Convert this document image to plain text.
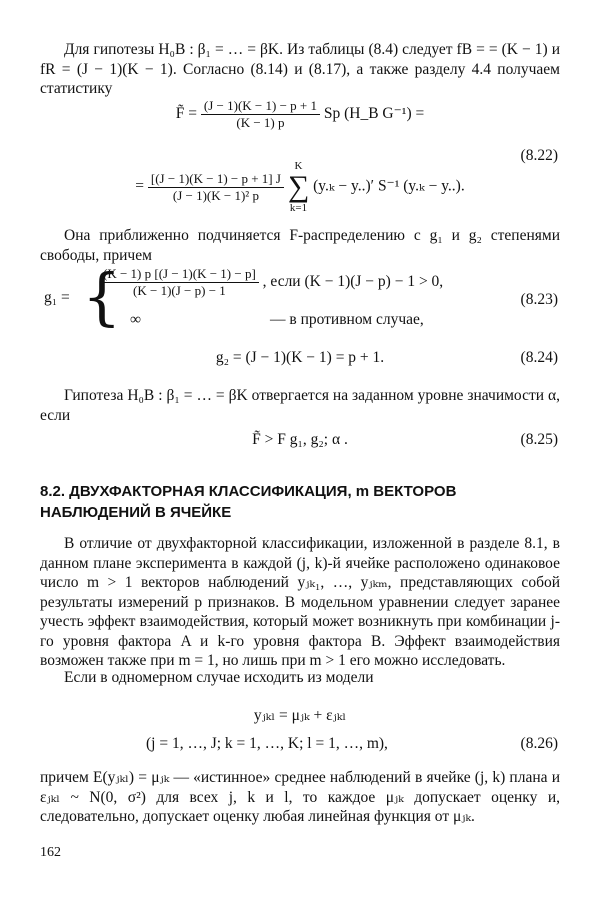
Для гипотезы H₀B : β₁ = … = βK. Из таблицы (8.4) следует fB = = (K − 1) и fR = (J − 1)(K − 1). Согласно (8.14) и (8.17), а также разделу 4.4 получаем статистику

F̃ = $\frac{(J - 1)(K - 1) - p + 1}{(K - 1) p}$ Sp (H_B G⁻¹) =
(8.22)
= $\frac{[(J - 1)(K - 1) - p + 1] J}{\text{(J − 1)(K − 1)² p}}$

K
∑
k=1
(y.ₖ − y..)′ S⁻¹ (y.ₖ − y..).

Она приближенно подчиняется F-распределению с g₁ и g₂ степенями свободы, причем

g₁ = {
$\frac{(K - 1) p [(J - 1)(K - 1) - p]}{(K - 1)(J - p) - 1}$ , если (K − 1)(J − p) − 1 > 0,
∞	— в противном случае,
(8.23)
g₂ = (J − 1)(K − 1) = p + 1.	(8.24)

Гипотеза H₀B : β₁ = … = βK отвергается на заданном уровне значимости α, если

F̃ > F g₁, g₂; α .	(8.25)
8.2. ДВУХФАКТОРНАЯ КЛАССИФИКАЦИЯ, m ВЕКТОРОВ
НАБЛЮДЕНИЙ В ЯЧЕЙКЕ

В отличие от двухфакторной классификации, изложенной в разделе 8.1, в данном плане эксперимента в каждой (j, k)-й ячейке расположено одинаковое число m > 1 векторов наблюдений yⱼₖ₁, …, yⱼₖₘ, представляющих собой результаты измерений p признаков. В модельном уравнении следует заранее учесть эффект взаимодействия, который может возникнуть при комбинации j-го уровня фактора A и k-го уровня фактора B. Эффект взаимодействия возможен также при m = 1, но лишь при m > 1 его можно исследовать.

Если в одномерном случае исходить из модели

yⱼₖₗ = μⱼₖ + εⱼₖₗ
(j = 1, …, J; k = 1, …, K; l = 1, …, m),	(8.26)

причем E(yⱼₖₗ) = μⱼₖ — «истинное» среднее наблюдений в ячейке (j, k) плана и εⱼₖₗ ~ N(0, σ²) для всех j, k и l, то каждое μⱼₖ допускает оценку и, следовательно, допускает оценку любая линейная функция от μⱼₖ.

162
